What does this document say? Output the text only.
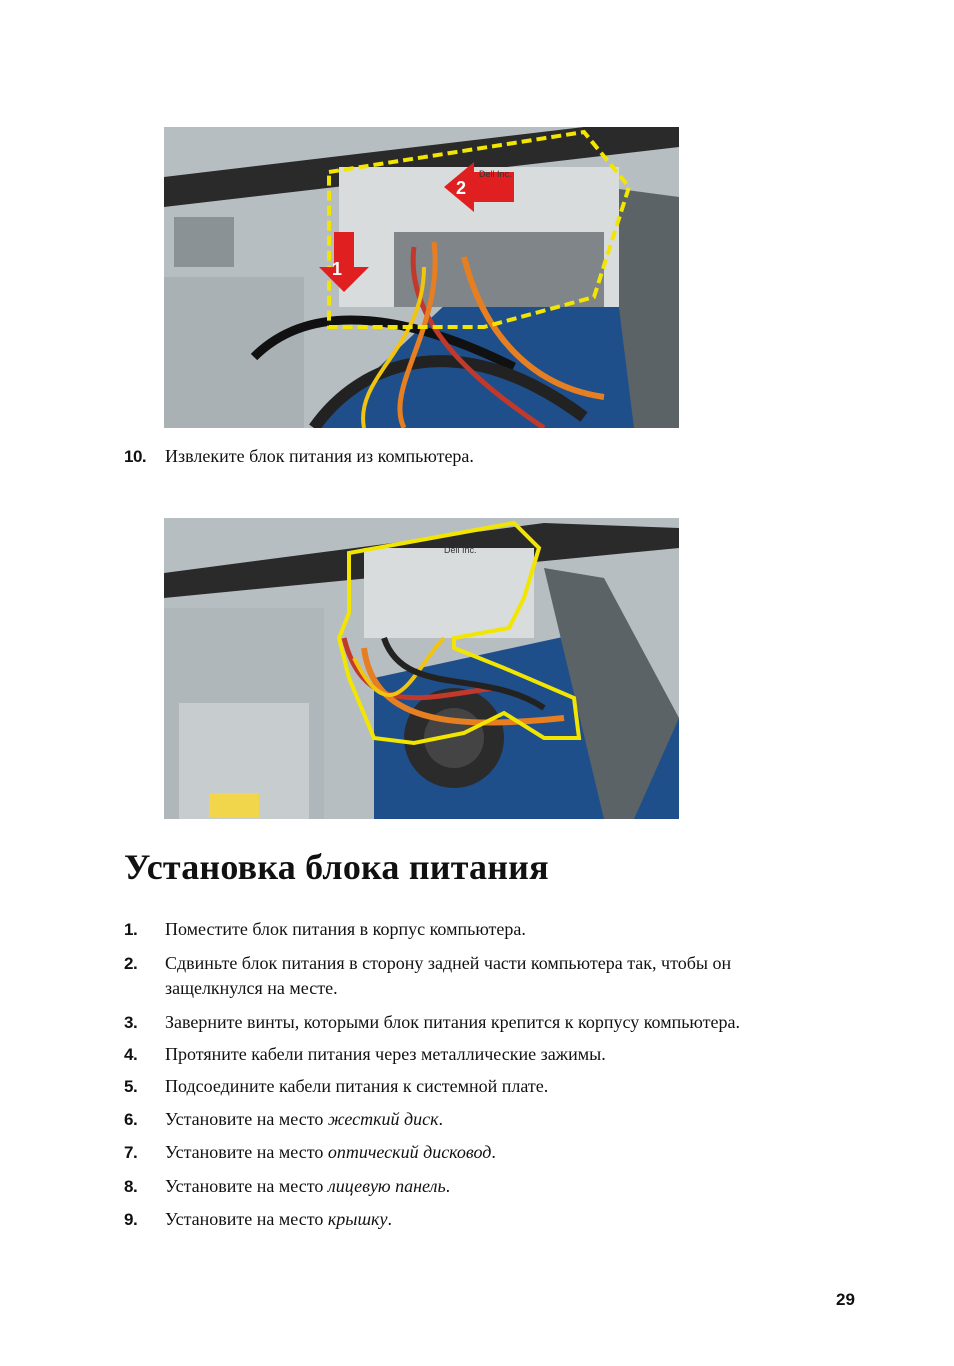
1
2
Dell Inc.
10. Извлеките блок питания из компьютера.
Dell Inc.
Установка блока питания
1. Поместите блок питания в корпус компьютера.
2. Сдвиньте блок питания в сторону задней части компьютера так, чтобы он
защелкнулся на месте.
3. Заверните винты, которыми блок питания крепится к корпусу компьютера.
4. Протяните кабели питания через металлические зажимы.
5. Подсоедините кабели питания к системной плате.
6. Установите на место жесткий диск.
7. Установите на место оптический дисковод.
8. Установите на место лицевую панель.
9. Установите на место крышку.
29
